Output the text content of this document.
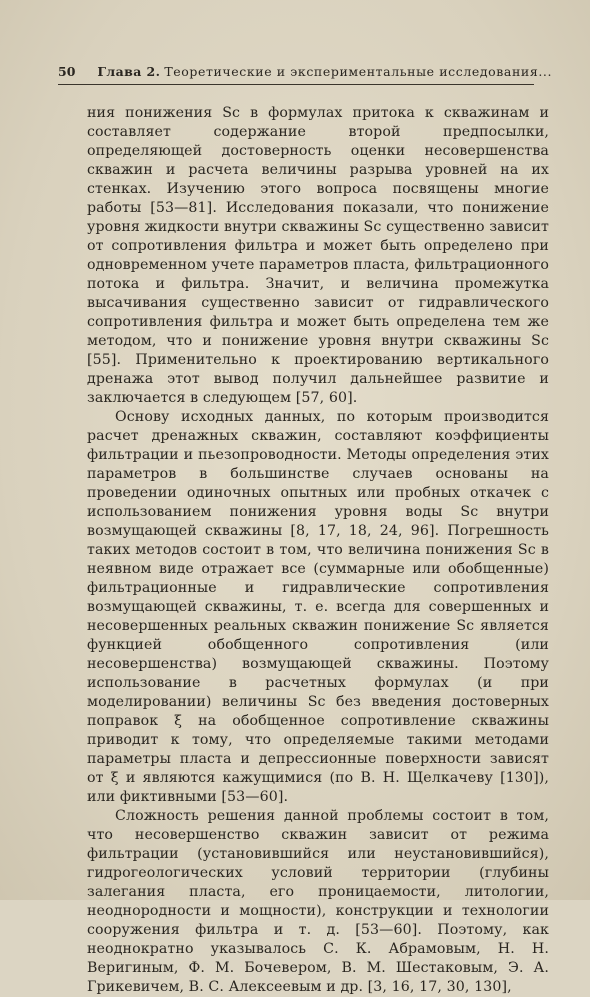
50 Глава 2. Теоретические и экспериментальные исследования...

ния понижения Sc в формулах притока к скважинам и составляет содержание второй предпосылки, определяющей достоверность оценки несовершенства скважин и расчета величины разрыва уровней на их стенках. Изучению этого вопроса посвящены многие работы [53—81]. Исследования показали, что понижение уровня жидкости внутри скважины Sc существенно зависит от сопротивления фильтра и может быть определено при одновременном учете параметров пласта, фильтрационного потока и фильтра. Значит, и величина промежутка высачивания существенно зависит от гидравлического сопротивления фильтра и может быть определена тем же методом, что и понижение уровня внутри скважины Sc [55]. Применительно к проектированию вертикального дренажа этот вывод получил дальнейшее развитие и заключается в следующем [57, 60].

Основу исходных данных, по которым производится расчет дренажных скважин, составляют коэффициенты фильтрации и пьезопроводности. Методы определения этих параметров в большинстве случаев основаны на проведении одиночных опытных или пробных откачек с использованием понижения уровня воды Sc внутри возмущающей скважины [8, 17, 18, 24, 96]. Погрешность таких методов состоит в том, что величина понижения Sc в неявном виде отражает все (суммарные или обобщенные) фильтрационные и гидравлические сопротивления возмущающей скважины, т. е. всегда для совершенных и несовершенных реальных скважин понижение Sc является функцией обобщенного сопротивления (или несовершенства) возмущающей скважины. Поэтому использование в расчетных формулах (и при моделировании) величины Sc без введения достоверных поправок ξ на обобщенное сопротивление скважины приводит к тому, что определяемые такими методами параметры пласта и депрессионные поверхности зависят от ξ и являются кажущимися (по В. Н. Щелкачеву [130]), или фиктивными [53—60].

Сложность решения данной проблемы состоит в том, что несовершенство скважин зависит от режима фильтрации (установившийся или неустановившийся), гидрогеологических условий территории (глубины залегания пласта, его проницаемости, литологии, неоднородности и мощности), конструкции и технологии сооружения фильтра и т. д. [53—60]. Поэтому, как неоднократно указывалось С. К. Абрамовым, Н. Н. Веригиным, Ф. М. Бочевером, В. М. Шестаковым, Э. А. Грикевичем, В. С. Алексеевым и др. [3, 16, 17, 30, 130],
